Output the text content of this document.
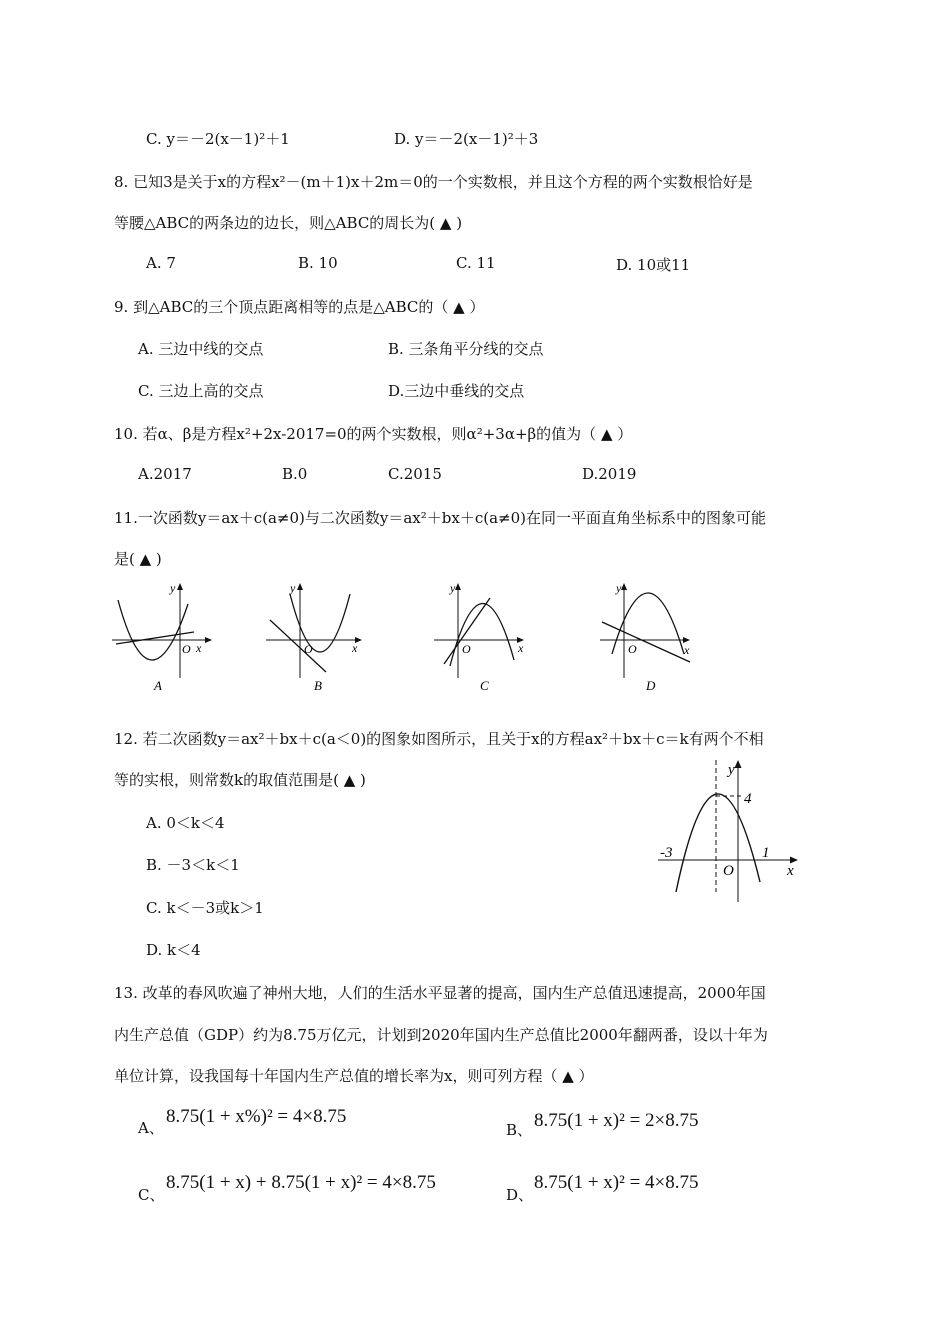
C. y＝－2(x－1)²＋1	D. y＝－2(x－1)²＋3
8. 已知3是关于x的方程x²－(m＋1)x＋2m＝0的一个实数根，并且这个方程的两个实数根恰好是
等腰△ABC的两条边的边长，则△ABC的周长为( ▲ )
A. 7	B. 10	C. 11	D. 10或11
9. 到△ABC的三个顶点距离相等的点是△ABC的（ ▲ ）
A. 三边中线的交点	B. 三条角平分线的交点
C. 三边上高的交点	D.三边中垂线的交点
10. 若α、β是方程x²+2x-2017=0的两个实数根，则α²+3α+β的值为（ ▲ ）
A.2017	B.0	C.2015	D.2019
11.一次函数y＝ax＋c(a≠0)与二次函数y＝ax²＋bx＋c(a≠0)在同一平面直角坐标系中的图象可能
是( ▲ )
y
x
O
A
y
x
O
B
y
x
O
C
y
x
O
D
12. 若二次函数y＝ax²＋bx＋c(a＜0)的图象如图所示，且关于x的方程ax²＋bx＋c＝k有两个不相
等的实根，则常数k的取值范围是( ▲ )
A. 0＜k＜4
B. －3＜k＜1
C. k＜－3或k＞1
D. k＜4
y
x
O
4
-3	1
13. 改革的春风吹遍了神州大地，人们的生活水平显著的提高，国内生产总值迅速提高，2000年国
内生产总值（GDP）约为8.75万亿元，计划到2020年国内生产总值比2000年翻两番，设以十年为
单位计算，设我国每十年国内生产总值的增长率为x，则可列方程（ ▲ ）
A、
8.75(1 + x%)² = 4×8.75
B、 8.75(1 + x)² = 2×8.75
C、
8.75(1 + x) + 8.75(1 + x)² = 4×8.75
D、
8.75(1 + x)² = 4×8.75
